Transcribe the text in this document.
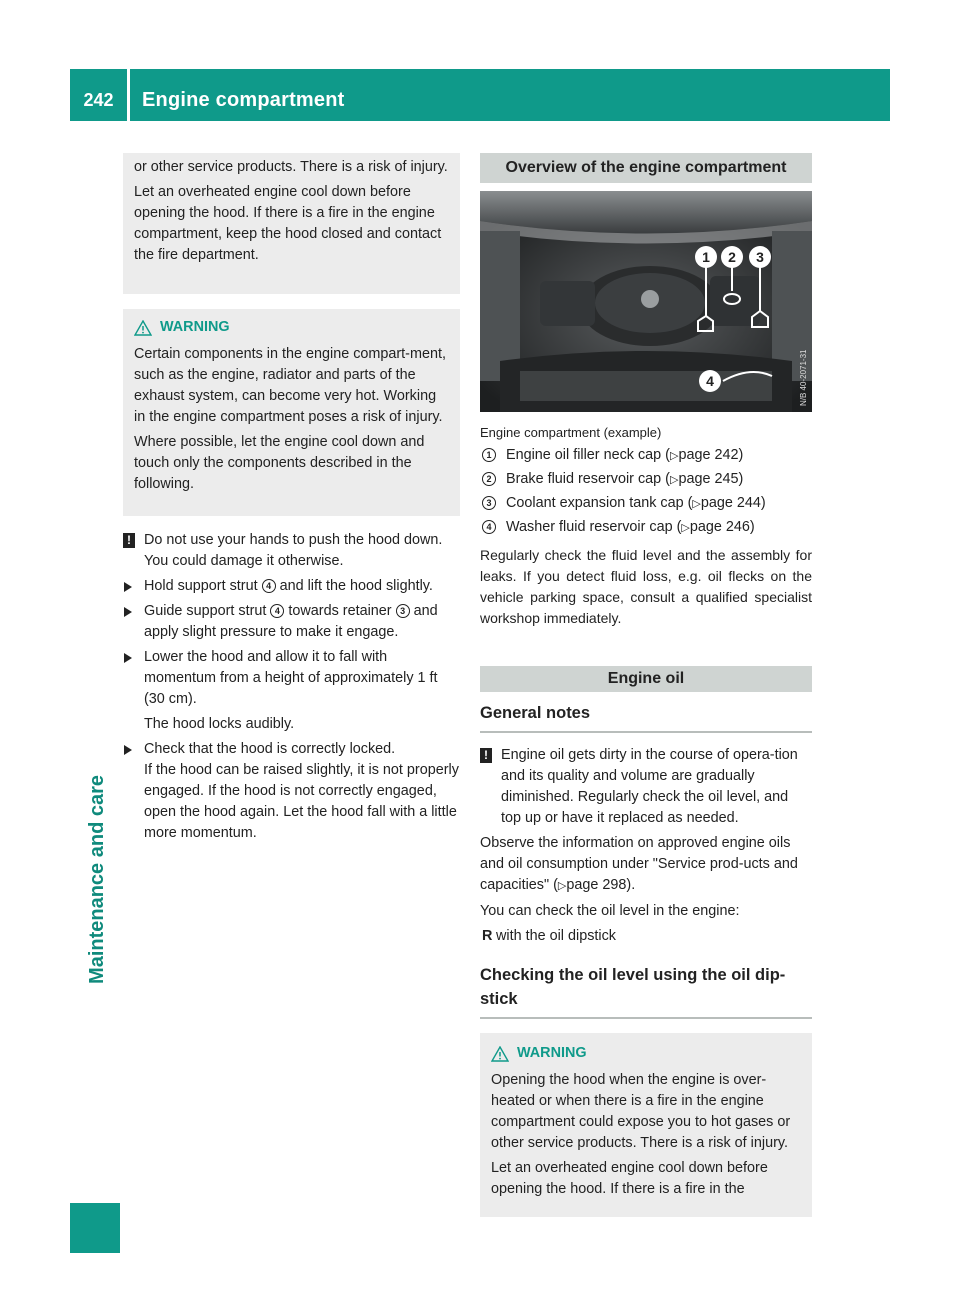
242	Engine compartment
Maintenance and care

or other service products. There is a risk of injury.

Let an overheated engine cool down before opening the hood. If there is a fire in the engine compartment, keep the hood closed and contact the fire department.

WARNING

Certain components in the engine compart-ment, such as the engine, radiator and parts of the exhaust system, can become very hot. Working in the engine compartment poses a risk of injury.

Where possible, let the engine cool down and touch only the components described in the following.

! Do not use your hands to push the hood down. You could damage it otherwise.
Hold support strut 4 and lift the hood slightly.
Guide support strut 4 towards retainer 3 and apply slight pressure to make it engage.
Lower the hood and allow it to fall with momentum from a height of approximately 1 ft (30 cm).
The hood locks audibly.
Check that the hood is correctly locked.
If the hood can be raised slightly, it is not properly engaged. If the hood is not correctly engaged, open the hood again. Let the hood fall with a little more momentum.
Overview of the engine compartment
1 2 3
4	N/B 40-2071-31
Engine compartment (example)
1	Engine oil filler neck cap (▷page 242)
2	Brake fluid reservoir cap (▷page 245)
3	Coolant expansion tank cap (▷page 244)
4	Washer fluid reservoir cap (▷page 246)

Regularly check the fluid level and the assembly for leaks. If you detect fluid loss, e.g. oil flecks on the vehicle parking space, consult a qualified specialist workshop immediately.

Engine oil
General notes
! Engine oil gets dirty in the course of opera-tion and its quality and volume are gradually diminished. Regularly check the oil level, and top up or have it replaced as needed.

Observe the information on approved engine oils and oil consumption under "Service prod-ucts and capacities" (▷page 298).

You can check the oil level in the engine:

R with the oil dipstick
Checking the oil level using the oil dip-stick
WARNING

Opening the hood when the engine is over-heated or when there is a fire in the engine compartment could expose you to hot gases or other service products. There is a risk of injury.

Let an overheated engine cool down before opening the hood. If there is a fire in the
